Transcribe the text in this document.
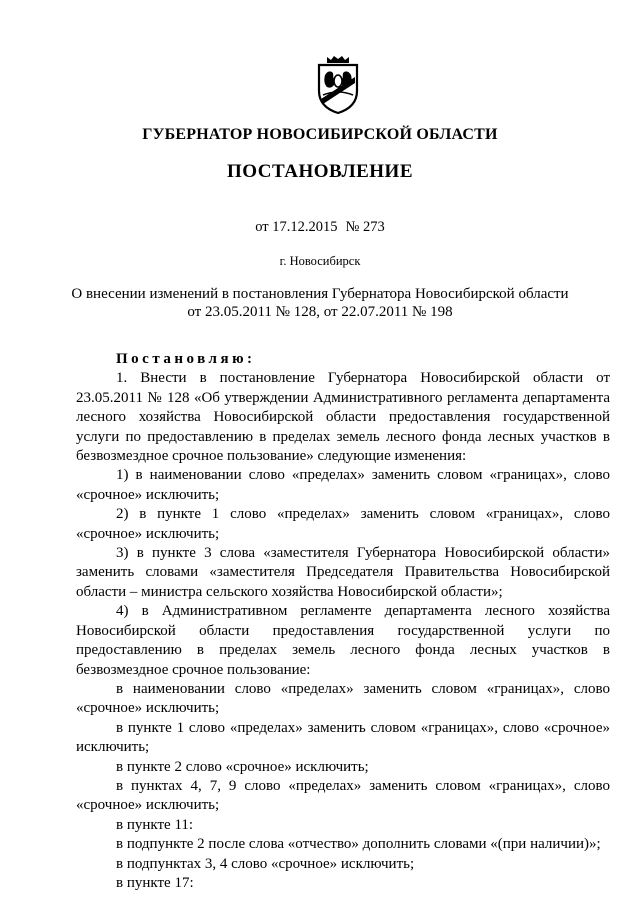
ГУБЕРНАТОР НОВОСИБИРСКОЙ ОБЛАСТИ
ПОСТАНОВЛЕНИЕ
от 17.12.2015 № 273
г. Новосибирск
О внесении изменений в постановления Губернатора Новосибирской области
от 23.05.2011 № 128, от 22.07.2011 № 198
Постановляю:

1. Внести в постановление Губернатора Новосибирской области от 23.05.2011 № 128 «Об утверждении Административного регламента департамента лесного хозяйства Новосибирской области предоставления государственной услуги по предоставлению в пределах земель лесного фонда лесных участков в безвозмездное срочное пользование» следующие изменения:

1) в наименовании слово «пределах» заменить словом «границах», слово «срочное» исключить;

2) в пункте 1 слово «пределах» заменить словом «границах», слово «срочное» исключить;

3) в пункте 3 слова «заместителя Губернатора Новосибирской области» заменить словами «заместителя Председателя Правительства Новосибирской области – министра сельского хозяйства Новосибирской области»;

4) в Административном регламенте департамента лесного хозяйства Новосибирской области предоставления государственной услуги по предоставлению в пределах земель лесного фонда лесных участков в безвозмездное срочное пользование:

в наименовании слово «пределах» заменить словом «границах», слово «срочное» исключить;

в пункте 1 слово «пределах» заменить словом «границах», слово «срочное» исключить;

в пункте 2 слово «срочное» исключить;

в пунктах 4, 7, 9 слово «пределах» заменить словом «границах», слово «срочное» исключить;

в пункте 11:

в подпункте 2 после слова «отчество» дополнить словами «(при наличии)»;

в подпунктах 3, 4 слово «срочное» исключить;

в пункте 17:
